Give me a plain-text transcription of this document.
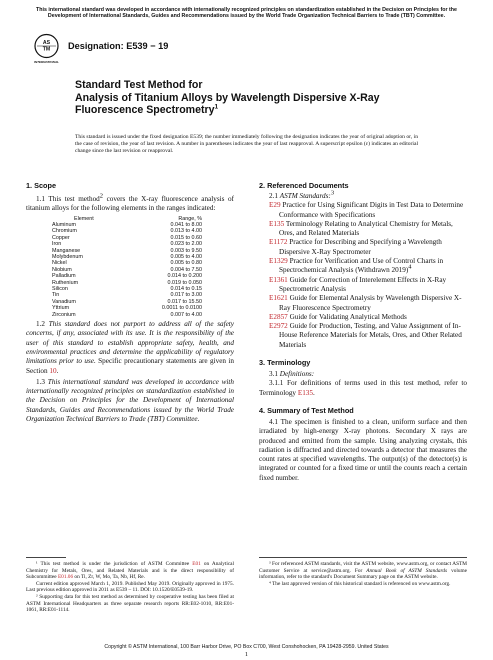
This international standard was developed in accordance with internationally recognized principles on standardization established in the Decision on Principles for the Development of International Standards, Guides and Recommendations issued by the World Trade Organization Technical Barriers to Trade (TBT) Committee.
AS
TM
INTERNATIONAL
Designation: E539 − 19
Standard Test Method for
Analysis of Titanium Alloys by Wavelength Dispersive X-Ray
Fluorescence Spectrometry$^1$
This standard is issued under the fixed designation E539; the number immediately following the designation indicates the year of original adoption or, in the case of revision, the year of last revision. A number in parentheses indicates the year of last reapproval. A superscript epsilon (ε) indicates an editorial change since the last revision or reapproval.
1. Scope

1.1 This test method2 covers the X-ray fluorescence analysis of titanium alloys for the following elements in the ranges indicated:

Element	Range, %
Aluminum	0.041 to 8.00
Chromium	0.013 to 4.00
Copper	0.015 to 0.60
Iron	0.023 to 2.00
Manganese	0.003 to 9.50
Molybdenum	0.005 to 4.00
Nickel	0.005 to 0.80
Niobium	0.004 to 7.50
Palladium	0.014 to 0.200
Ruthenium	0.019 to 0.050
Silicon	0.014 to 0.15
Tin	0.017 to 3.00
Vanadium	0.017 to 15.50
Yttrium	0.0011 to 0.0100
Zirconium	0.007 to 4.00

1.2 This standard does not purport to address all of the safety concerns, if any, associated with its use. It is the responsibility of the user of this standard to establish appropriate safety, health, and environmental practices and determine the applicability of regulatory limitations prior to use. Specific precautionary statements are given in Section 10.

1.3 This international standard was developed in accordance with internationally recognized principles on standardization established in the Decision on Principles for the Development of International Standards, Guides and Recommendations issued by the World Trade Organization Technical Barriers to Trade (TBT) Committee.

¹ This test method is under the jurisdiction of ASTM Committee E01 on Analytical Chemistry for Metals, Ores, and Related Materials and is the direct responsibility of Subcommittee E01.06 on Ti, Zr, W, Mo, Ta, Nb, Hf, Re.

Current edition approved March 1, 2019. Published May 2019. Originally approved in 1975. Last previous edition approved in 2011 as E539 – 11. DOI: 10.1520/E0539-19.

² Supporting data for this test method as determined by cooperative testing has been filed at ASTM International Headquarters as three separate research reports RR:E02-1010, RR:E01-1061, RR:E01-1114.

2. Referenced Documents
2.1 ASTM Standards:3
E29 Practice for Using Significant Digits in Test Data to Determine Conformance with Specifications
E135 Terminology Relating to Analytical Chemistry for Metals, Ores, and Related Materials
E1172 Practice for Describing and Specifying a Wavelength Dispersive X-Ray Spectrometer
E1329 Practice for Verification and Use of Control Charts in Spectrochemical Analysis (Withdrawn 2019)4
E1361 Guide for Correction of Interelement Effects in X-Ray Spectrometric Analysis
E1621 Guide for Elemental Analysis by Wavelength Dispersive X-Ray Fluorescence Spectrometry
E2857 Guide for Validating Analytical Methods
E2972 Guide for Production, Testing, and Value Assignment of In-House Reference Materials for Metals, Ores, and Other Related Materials
3. Terminology
3.1 Definitions:

3.1.1 For definitions of terms used in this test method, refer to Terminology E135.

4. Summary of Test Method

4.1 The specimen is finished to a clean, uniform surface and then irradiated by high-energy X-ray photons. Secondary X rays are produced and emitted from the sample. Using analyzing crystals, this radiation is diffracted and directed towards a detector that measures the count rates at specified wavelengths. The output(s) of the detector(s) is integrated or counted for a fixed time or until the counts reach a certain fixed number.

³ For referenced ASTM standards, visit the ASTM website, www.astm.org, or contact ASTM Customer Service at service@astm.org. For Annual Book of ASTM Standards volume information, refer to the standard's Document Summary page on the ASTM website.

⁴ The last approved version of this historical standard is referenced on www.astm.org.

Copyright © ASTM International, 100 Barr Harbor Drive, PO Box C700, West Conshohocken, PA 19428-2959. United States
1
